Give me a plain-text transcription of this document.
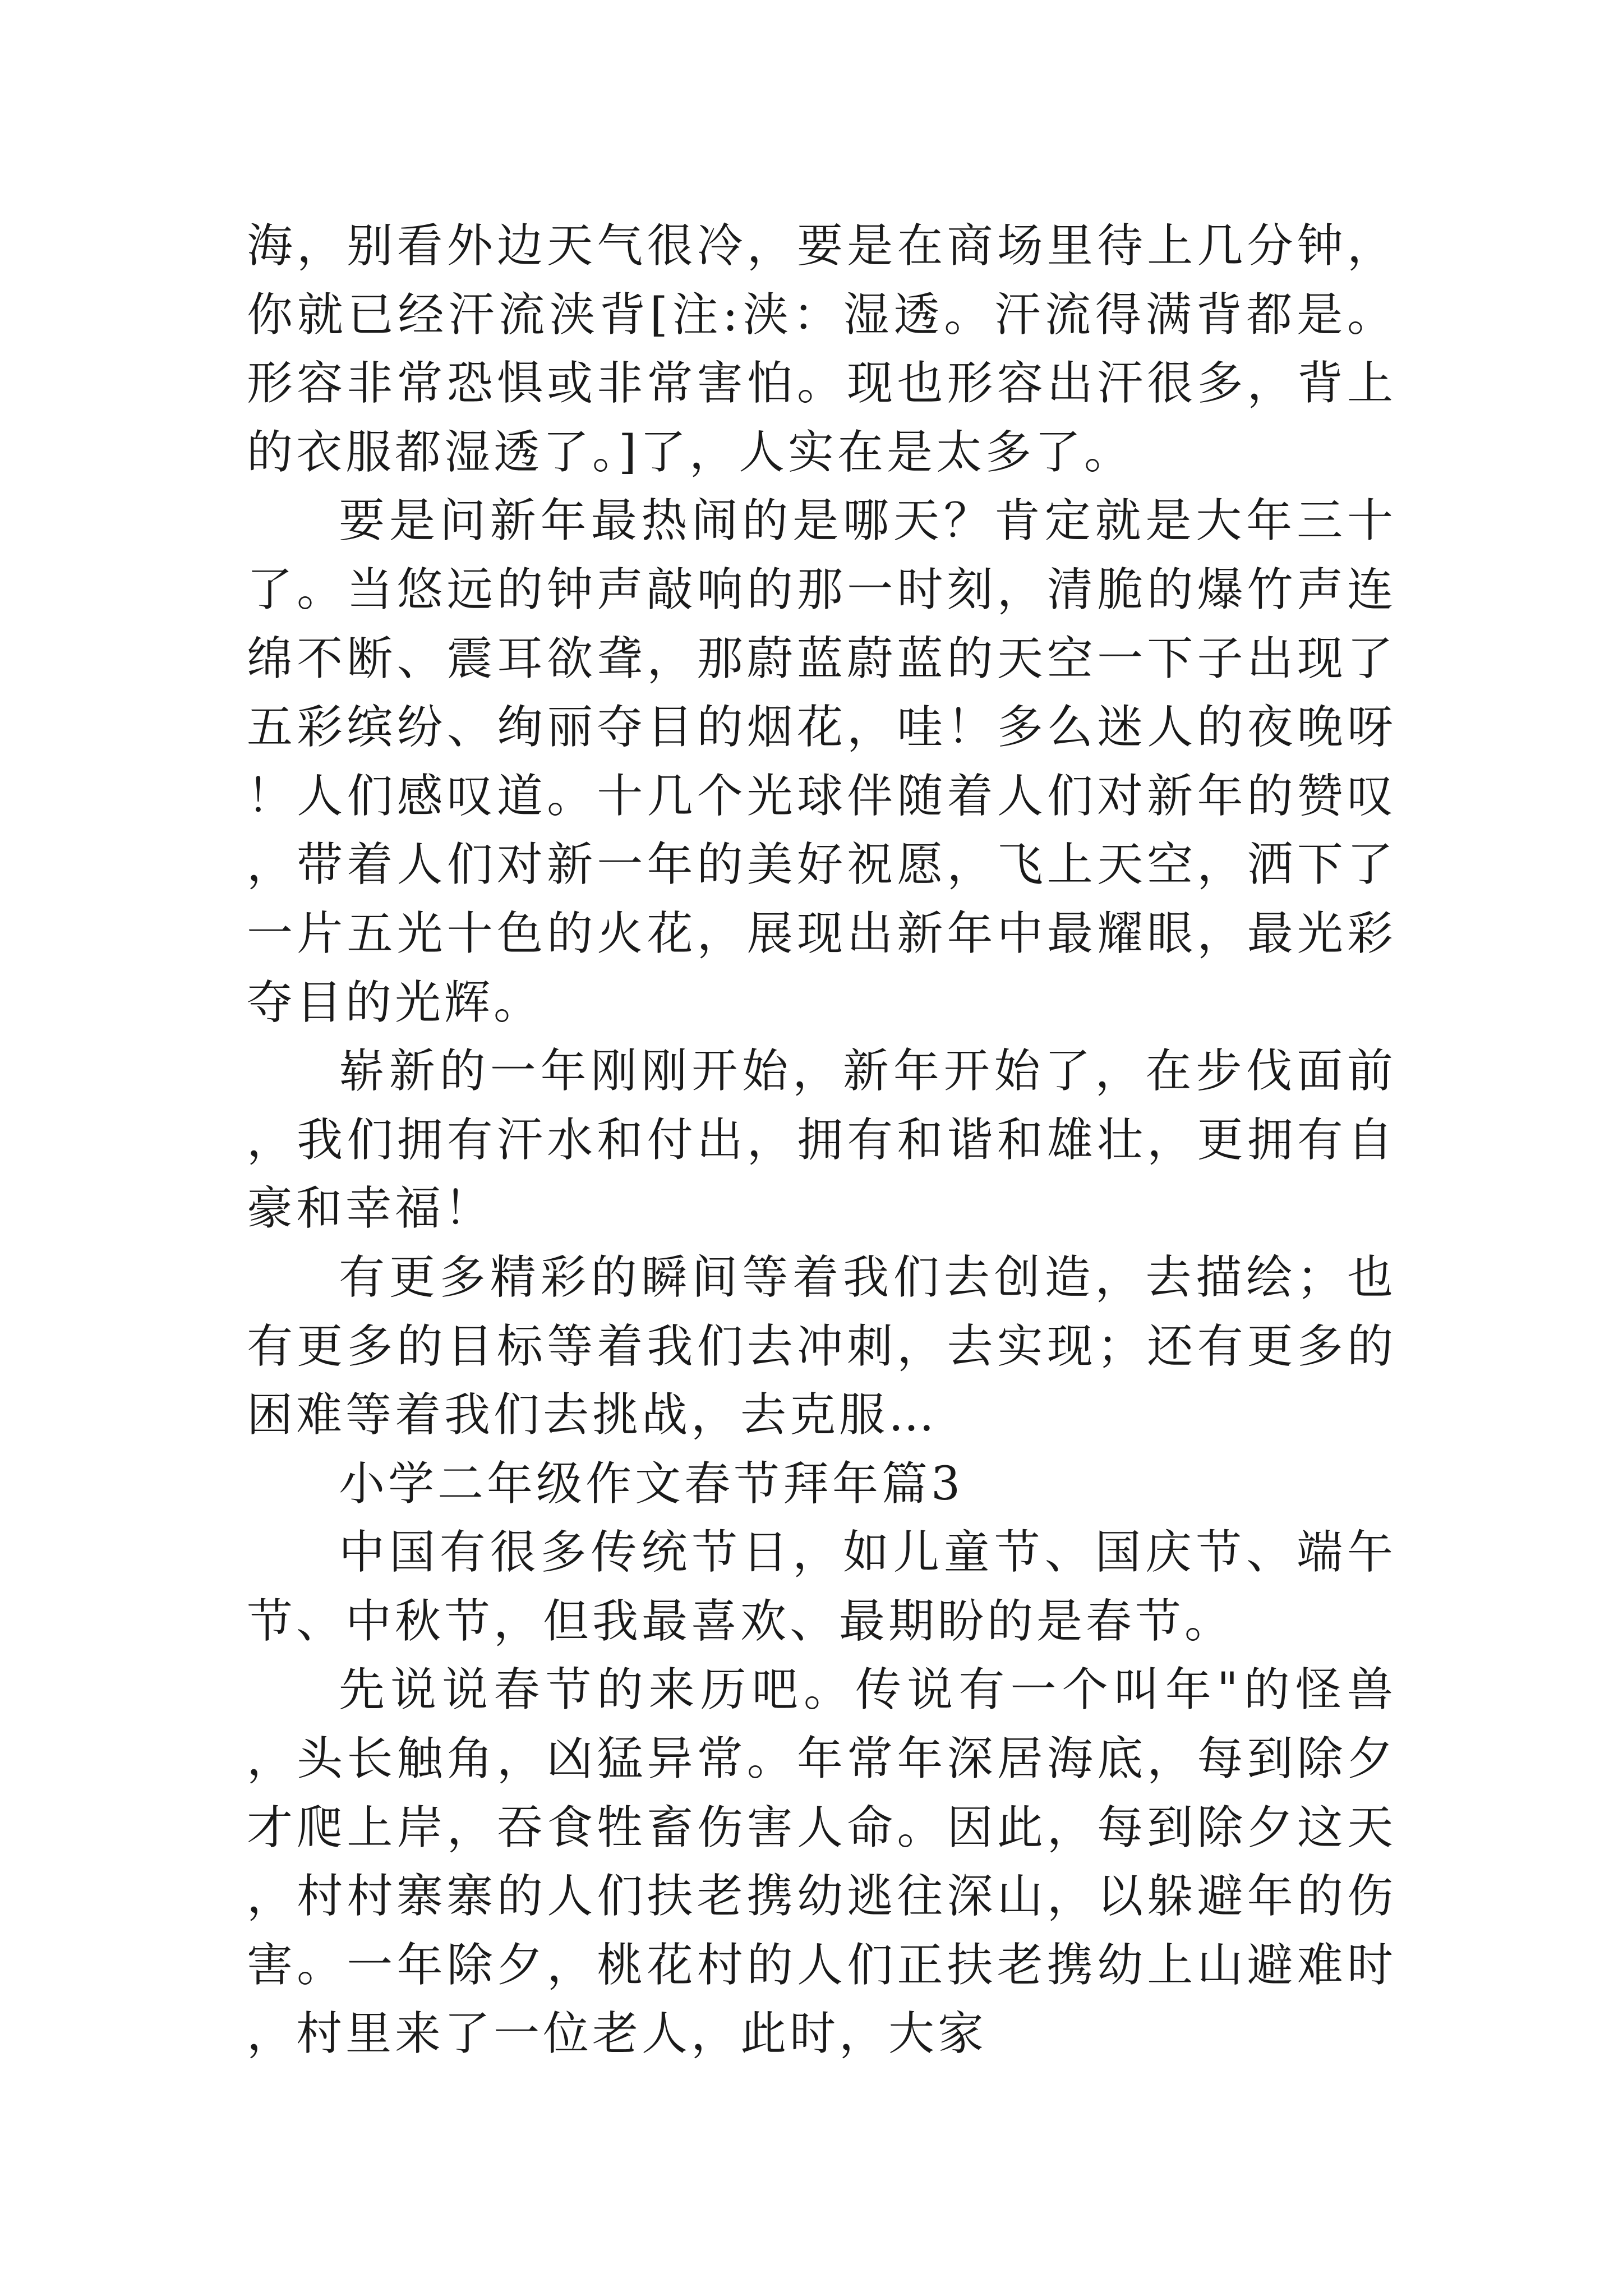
海，别看外边天气很冷，要是在商场里待上几分钟，你就已经汗流浃背[注:浃：湿透。汗流得满背都是。形容非常恐惧或非常害怕。现也形容出汗很多，背上的衣服都湿透了。]了，人实在是太多了。

要是问新年最热闹的是哪天？肯定就是大年三十了。当悠远的钟声敲响的那一时刻，清脆的爆竹声连绵不断、震耳欲聋，那蔚蓝蔚蓝的天空一下子出现了五彩缤纷、绚丽夺目的烟花，哇！多么迷人的夜晚呀！人们感叹道。十几个光球伴随着人们对新年的赞叹，带着人们对新一年的美好祝愿，飞上天空，洒下了一片五光十色的火花，展现出新年中最耀眼，最光彩夺目的光辉。

崭新的一年刚刚开始，新年开始了，在步伐面前，我们拥有汗水和付出，拥有和谐和雄壮，更拥有自豪和幸福！

有更多精彩的瞬间等着我们去创造，去描绘；也有更多的目标等着我们去冲刺，去实现；还有更多的困难等着我们去挑战，去克服…

小学二年级作文春节拜年篇3

中国有很多传统节日，如儿童节、国庆节、端午节、中秋节，但我最喜欢、最期盼的是春节。

先说说春节的来历吧。传说有一个叫年"的怪兽，头长触角，凶猛异常。年常年深居海底，每到除夕才爬上岸，吞食牲畜伤害人命。因此，每到除夕这天，村村寨寨的人们扶老携幼逃往深山，以躲避年的伤害。一年除夕，桃花村的人们正扶老携幼上山避难时，村里来了一位老人，此时，大家
